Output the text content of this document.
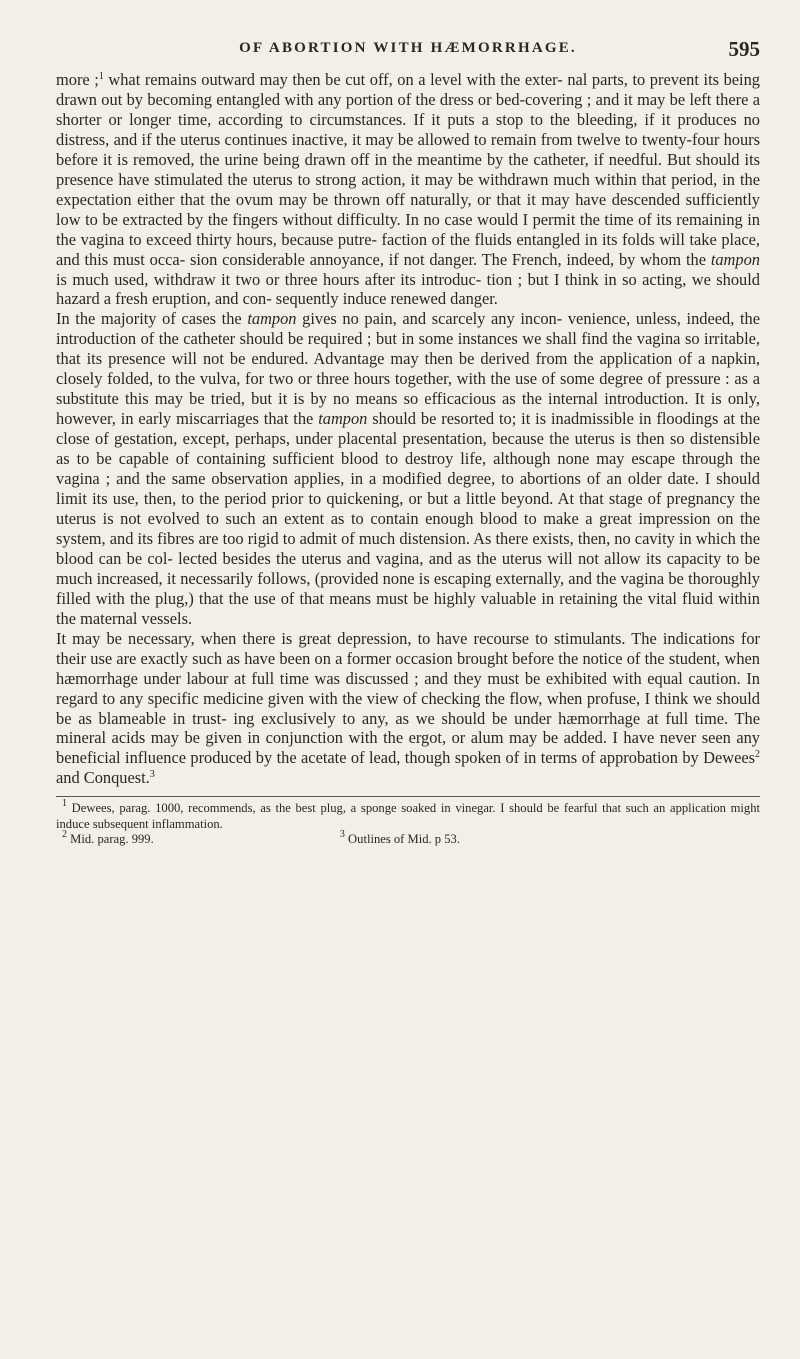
OF ABORTION WITH HÆMORRHAGE.	595

more ;$^1$ what remains outward may then be cut off, on a level with the exter- nal parts, to prevent its being drawn out by becoming entangled with any portion of the dress or bed-covering ; and it may be left there a shorter or longer time, according to circumstances. If it puts a stop to the bleeding, if it produces no distress, and if the uterus continues inactive, it may be allowed to remain from twelve to twenty-four hours before it is removed, the urine being drawn off in the meantime by the catheter, if needful. But should its presence have stimulated the uterus to strong action, it may be withdrawn much within that period, in the expectation either that the ovum may be thrown off naturally, or that it may have descended sufficiently low to be extracted by the fingers without difficulty. In no case would I permit the time of its remaining in the vagina to exceed thirty hours, because putre- faction of the fluids entangled in its folds will take place, and this must occa- sion considerable annoyance, if not danger. The French, indeed, by whom the tampon is much used, withdraw it two or three hours after its introduc- tion ; but I think in so acting, we should hazard a fresh eruption, and con- sequently induce renewed danger.

In the majority of cases the tampon gives no pain, and scarcely any incon- venience, unless, indeed, the introduction of the catheter should be required ; but in some instances we shall find the vagina so irritable, that its presence will not be endured. Advantage may then be derived from the application of a napkin, closely folded, to the vulva, for two or three hours together, with the use of some degree of pressure : as a substitute this may be tried, but it is by no means so efficacious as the internal introduction. It is only, however, in early miscarriages that the tampon should be resorted to; it is inadmissible in floodings at the close of gestation, except, perhaps, under placental presentation, because the uterus is then so distensible as to be capable of containing sufficient blood to destroy life, although none may escape through the vagina ; and the same observation applies, in a modified degree, to abortions of an older date. I should limit its use, then, to the period prior to quickening, or but a little beyond. At that stage of pregnancy the uterus is not evolved to such an extent as to contain enough blood to make a great impression on the system, and its fibres are too rigid to admit of much distension. As there exists, then, no cavity in which the blood can be col- lected besides the uterus and vagina, and as the uterus will not allow its capacity to be much increased, it necessarily follows, (provided none is escaping externally, and the vagina be thoroughly filled with the plug,) that the use of that means must be highly valuable in retaining the vital fluid within the maternal vessels.

It may be necessary, when there is great depression, to have recourse to stimulants. The indications for their use are exactly such as have been on a former occasion brought before the notice of the student, when hæmorrhage under labour at full time was discussed ; and they must be exhibited with equal caution. In regard to any specific medicine given with the view of checking the flow, when profuse, I think we should be as blameable in trust- ing exclusively to any, as we should be under hæmorrhage at full time. The mineral acids may be given in conjunction with the ergot, or alum may be added. I have never seen any beneficial influence produced by the acetate of lead, though spoken of in terms of approbation by Dewees$^2$ and Conquest.$^3$

$^1$ Dewees, parag. 1000, recommends, as the best plug, a sponge soaked in vinegar. I should be fearful that such an application might induce subsequent inflammation.

$^2$ Mid. parag. 999.	$^3$ Outlines of Mid. p 53.
